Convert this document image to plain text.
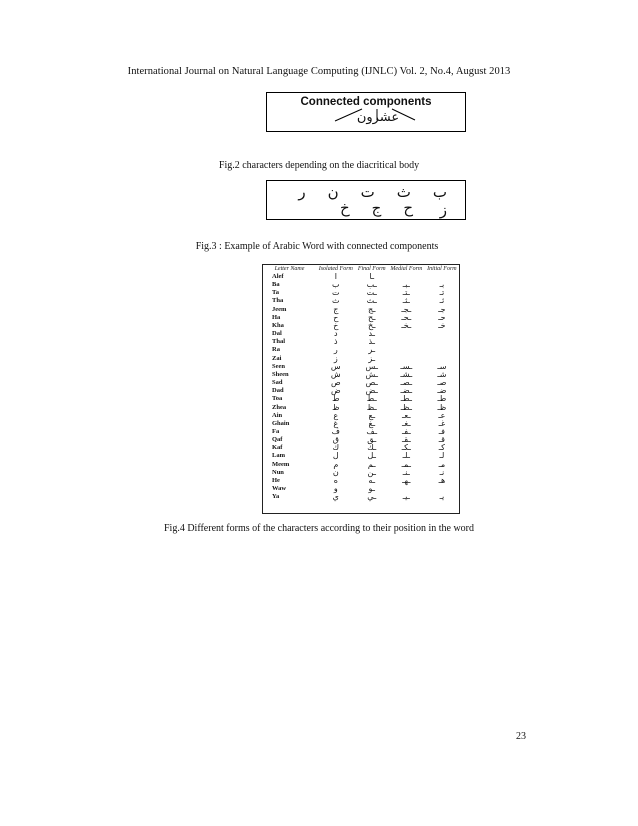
International Journal on Natural Language Computing (IJNLC) Vol. 2, No.4, August 2013
Connected components
عشرون
Fig.2 characters depending on the diacritical body
بثتنرز
حجخ
Fig.3 : Example of Arabic Word with connected components
Letter Name	Isolated Form	Final Form	Medial Form	Initial Form
Alef	ا	ـا		
Ba	ب	ـب	ـبـ	بـ
Ta	ت	ـت	ـتـ	تـ
Tha	ث	ـث	ـثـ	ثـ
Jeem	ج	ـج	ـجـ	جـ
Ha	ح	ـح	ـحـ	حـ
Kha	خ	ـخ	ـخـ	خـ
Dal	د	ـد		
Thal	ذ	ـذ		
Ra	ر	ـر		
Zai	ز	ـز		
Seen	س	ـس	ـسـ	سـ
Sheen	ش	ـش	ـشـ	شـ
Sad	ص	ـص	ـصـ	صـ
Dad	ض	ـض	ـضـ	ضـ
Toa	ط	ـط	ـطـ	طـ
Zhea	ظ	ـظ	ـظـ	ظـ
Ain	ع	ـع	ـعـ	عـ
Ghain	غ	ـغ	ـغـ	غـ
Fa	ف	ـف	ـفـ	فـ
Qaf	ق	ـق	ـقـ	قـ
Kaf	ك	ـك	ـكـ	كـ
Lam	ل	ـل	ـلـ	لـ
Meem	م	ـم	ـمـ	مـ
Nun	ن	ـن	ـنـ	نـ
He	ه	ـه	ـهـ	هـ
Waw	و	ـو		
Ya	ي	ـي	ـيـ	يـ
Fig.4 Different forms of the characters according to their position in the word
23
